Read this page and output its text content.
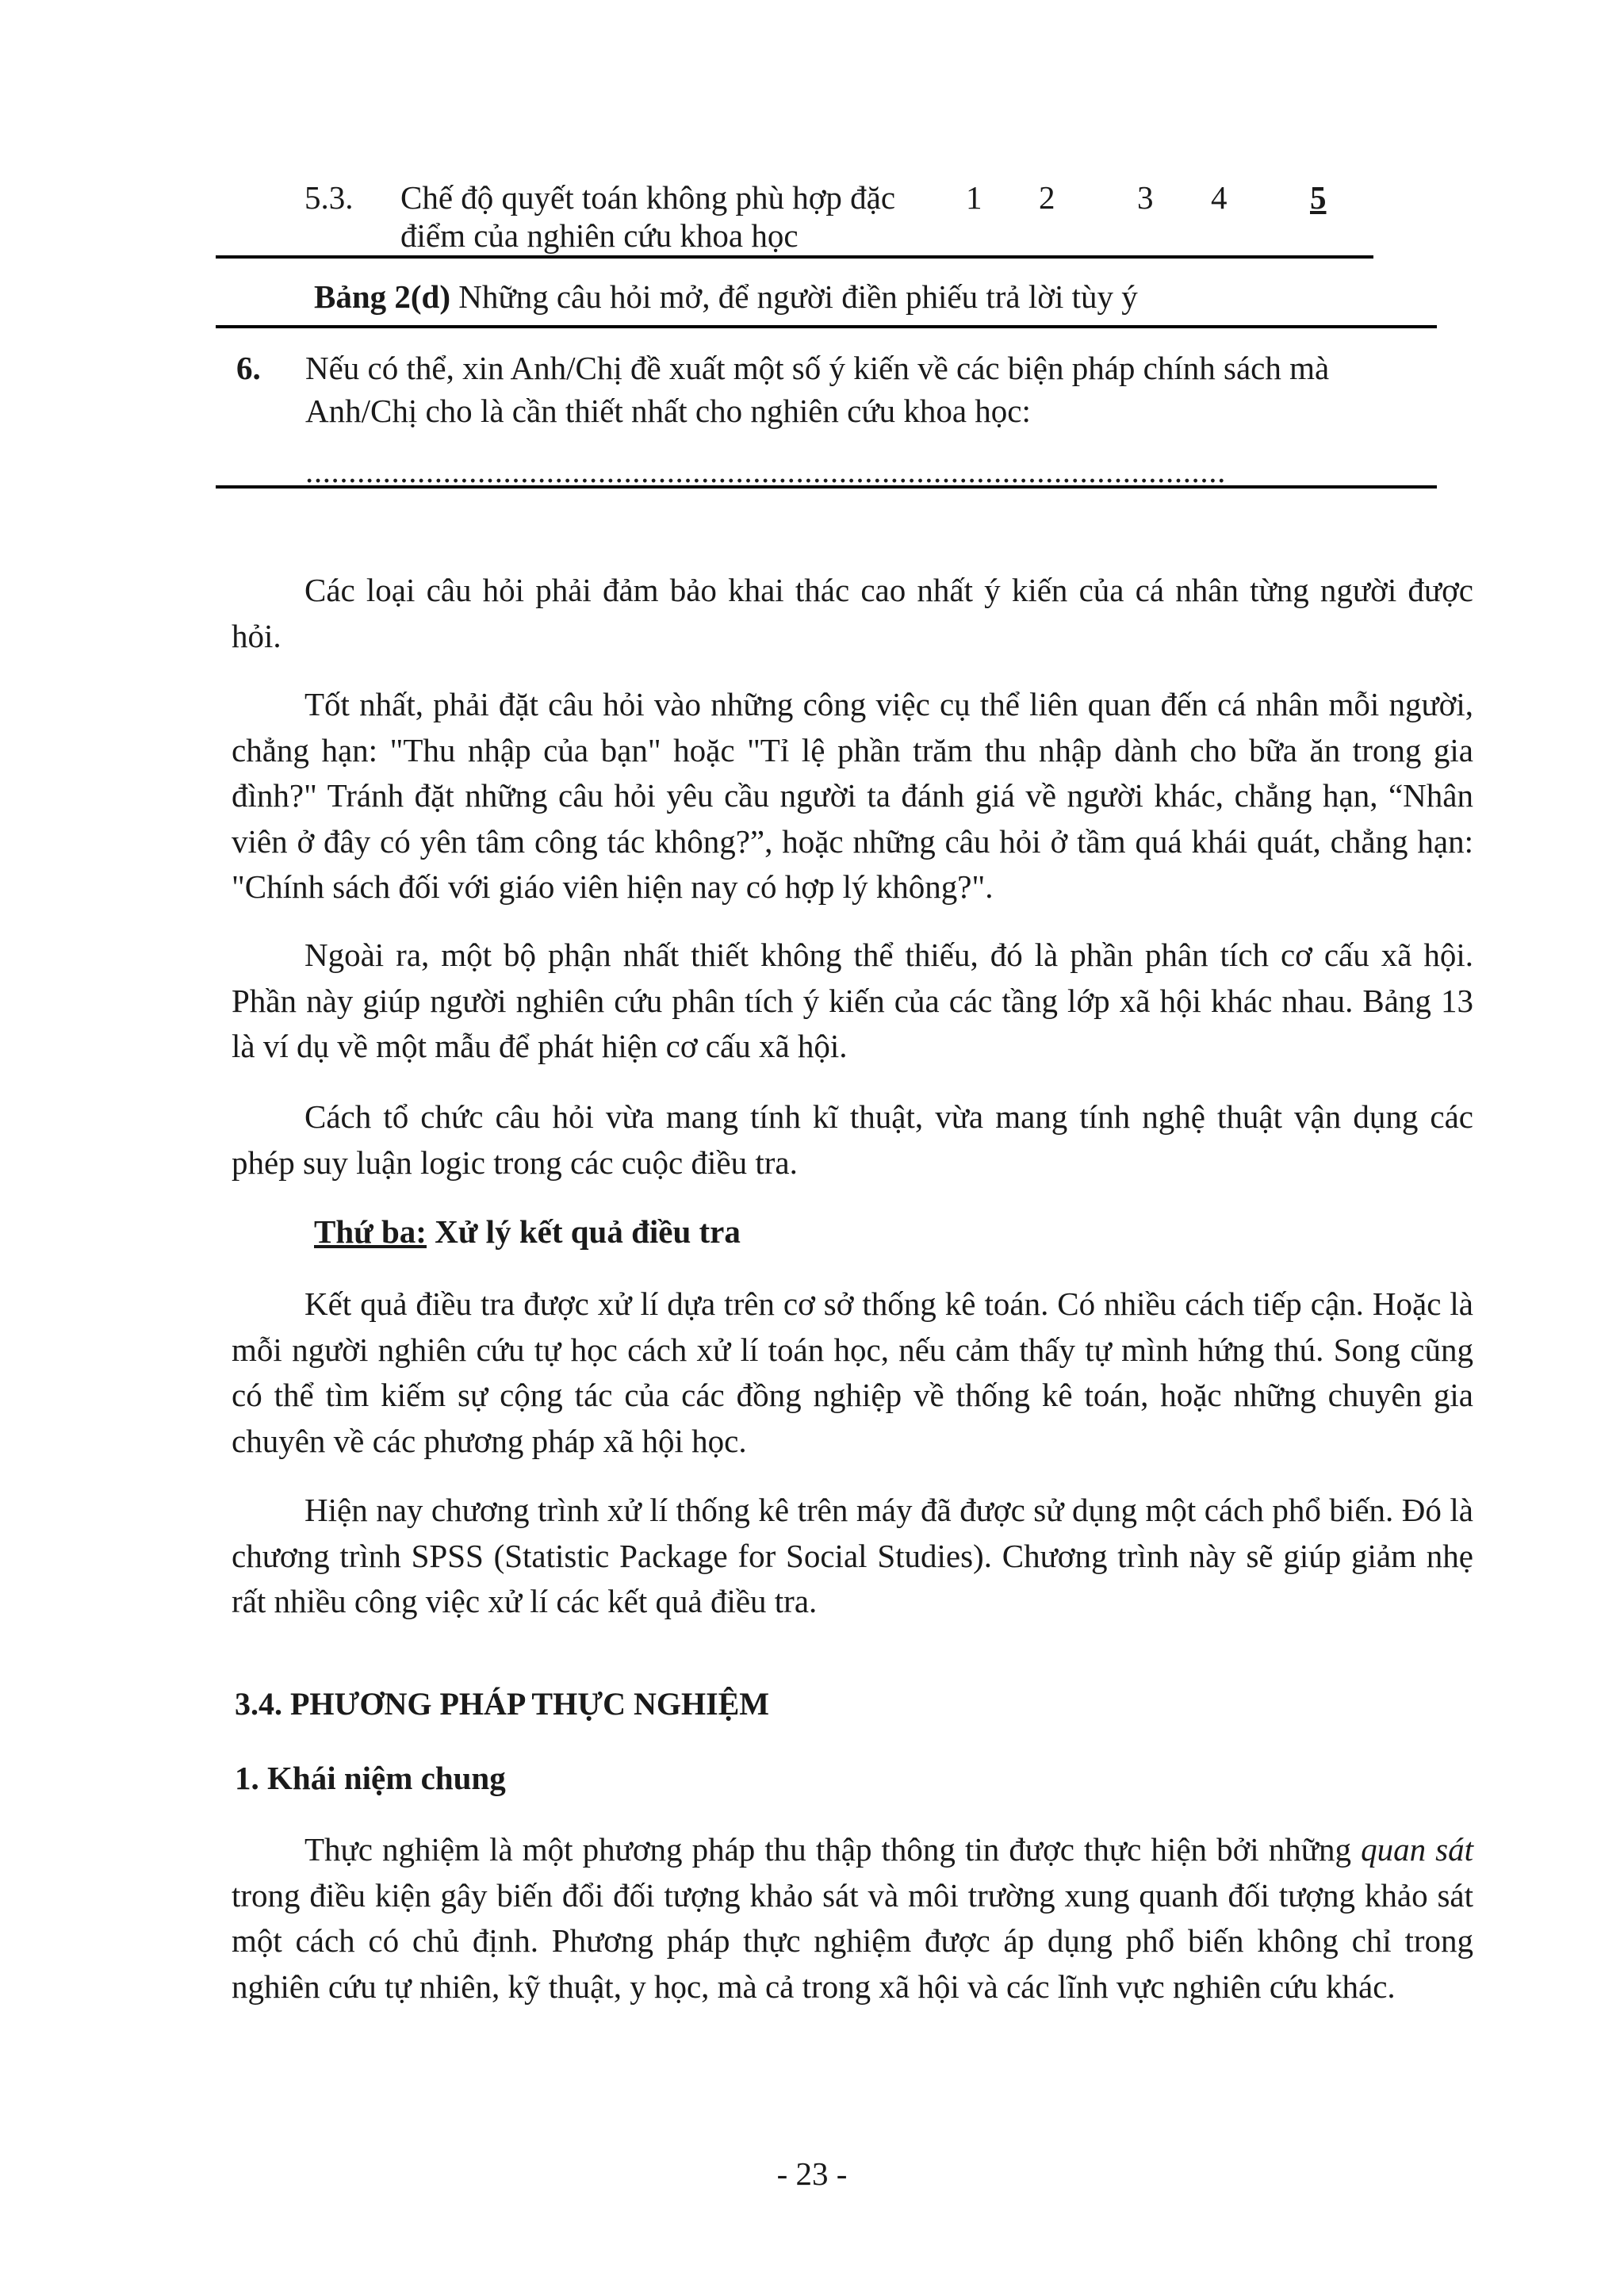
5.3. Chế độ quyết toán không phù hợp đặc
điểm của nghiên cứu khoa học
1 2	3 4	5
Bảng 2(d) Những câu hỏi mở, để người điền phiếu trả lời tùy ý
6. Nếu có thể, xin Anh/Chị đề xuất một số ý kiến về các biện pháp chính sách mà
Anh/Chị cho là cần thiết nhất cho nghiên cứu khoa học:
...........................................................................................................

Các loại câu hỏi phải đảm bảo khai thác cao nhất ý kiến của cá nhân từng người được hỏi.

Tốt nhất, phải đặt câu hỏi vào những công việc cụ thể liên quan đến cá nhân mỗi người, chẳng hạn: "Thu nhập của bạn" hoặc "Tỉ lệ phần trăm thu nhập dành cho bữa ăn trong gia đình?" Tránh đặt những câu hỏi yêu cầu người ta đánh giá về người khác, chẳng hạn, “Nhân viên ở đây có yên tâm công tác không?”, hoặc những câu hỏi ở tầm quá khái quát, chẳng hạn: "Chính sách đối với giáo viên hiện nay có hợp lý không?".

Ngoài ra, một bộ phận nhất thiết không thể thiếu, đó là phần phân tích cơ cấu xã hội. Phần này giúp người nghiên cứu phân tích ý kiến của các tầng lớp xã hội khác nhau. Bảng 13 là ví dụ về một mẫu để phát hiện cơ cấu xã hội.

Cách tổ chức câu hỏi vừa mang tính kĩ thuật, vừa mang tính nghệ thuật vận dụng các phép suy luận logic trong các cuộc điều tra.

Thứ ba: Xử lý kết quả điều tra

Kết quả điều tra được xử lí dựa trên cơ sở thống kê toán. Có nhiều cách tiếp cận. Hoặc là mỗi người nghiên cứu tự học cách xử lí toán học, nếu cảm thấy tự mình hứng thú. Song cũng có thể tìm kiếm sự cộng tác của các đồng nghiệp về thống kê toán, hoặc những chuyên gia chuyên về các phương pháp xã hội học.

Hiện nay chương trình xử lí thống kê trên máy đã được sử dụng một cách phổ biến. Đó là chương trình SPSS (Statistic Package for Social Studies). Chương trình này sẽ giúp giảm nhẹ rất nhiều công việc xử lí các kết quả điều tra.

3.4. PHƯƠNG PHÁP THỰC NGHIỆM
1. Khái niệm chung

Thực nghiệm là một phương pháp thu thập thông tin được thực hiện bởi những quan sát trong điều kiện gây biến đổi đối tượng khảo sát và môi trường xung quanh đối tượng khảo sát một cách có chủ định. Phương pháp thực nghiệm được áp dụng phổ biến không chỉ trong nghiên cứu tự nhiên, kỹ thuật, y học, mà cả trong xã hội và các lĩnh vực nghiên cứu khác.

- 23 -
